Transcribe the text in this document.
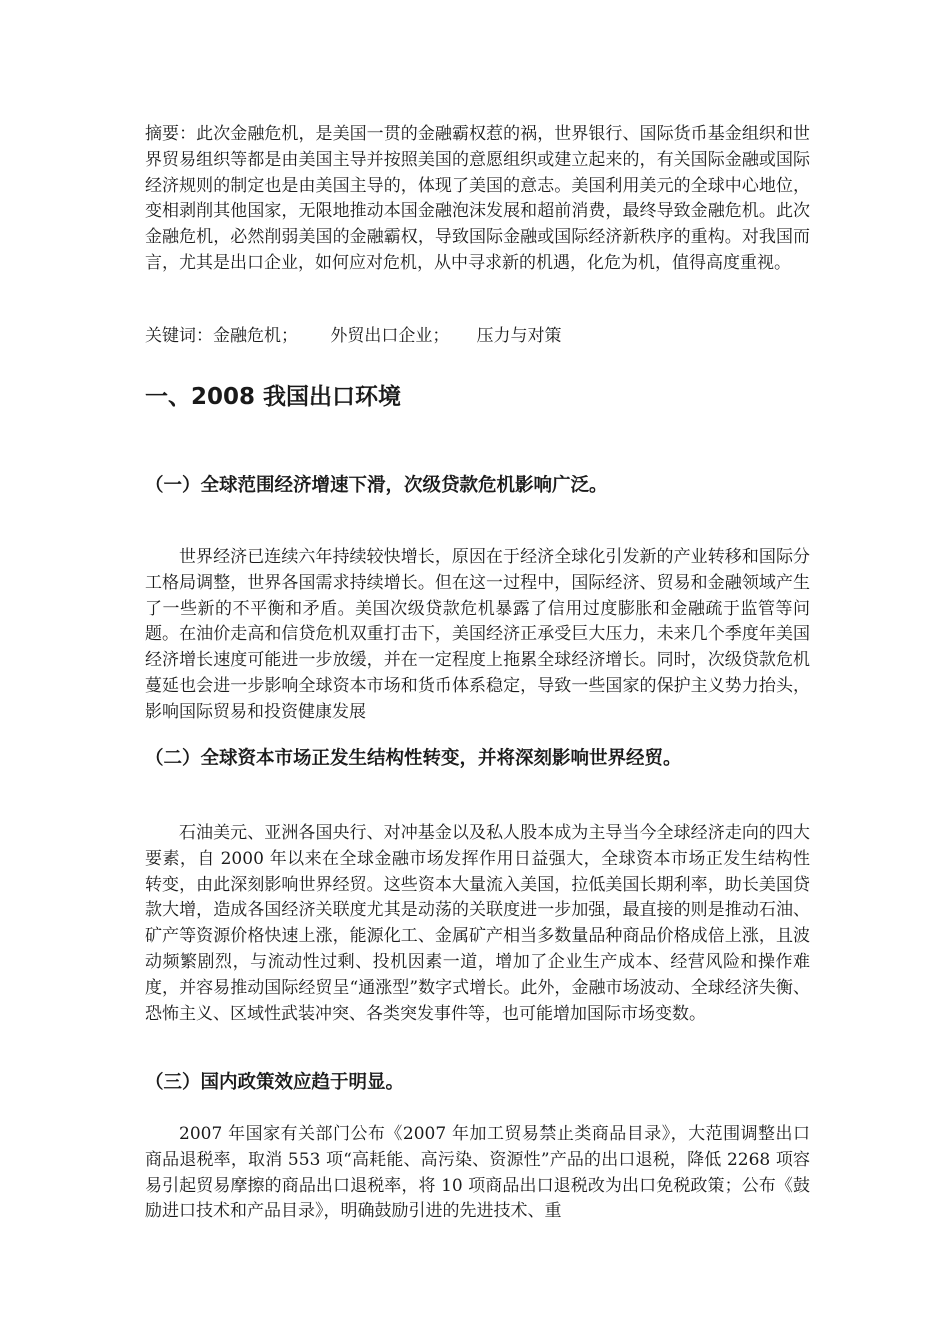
摘要：此次金融危机，是美国一贯的金融霸权惹的祸，世界银行、国际货币基金组织和世界贸易组织等都是由美国主导并按照美国的意愿组织或建立起来的，有关国际金融或国际经济规则的制定也是由美国主导的，体现了美国的意志。美国利用美元的全球中心地位，变相剥削其他国家，无限地推动本国金融泡沫发展和超前消费，最终导致金融危机。此次金融危机，必然削弱美国的金融霸权，导致国际金融或国际经济新秩序的重构。对我国而言，尤其是出口企业，如何应对危机，从中寻求新的机遇，化危为机，值得高度重视。

关键词：金融危机；      外贸出口企业；     压力与对策
一、2008 我国出口环境
（一）全球范围经济增速下滑，次级贷款危机影响广泛。

世界经济已连续六年持续较快增长，原因在于经济全球化引发新的产业转移和国际分工格局调整，世界各国需求持续增长。但在这一过程中，国际经济、贸易和金融领域产生了一些新的不平衡和矛盾。美国次级贷款危机暴露了信用过度膨胀和金融疏于监管等问题。在油价走高和信贷危机双重打击下，美国经济正承受巨大压力，未来几个季度年美国经济增长速度可能进一步放缓，并在一定程度上拖累全球经济增长。同时，次级贷款危机蔓延也会进一步影响全球资本市场和货币体系稳定，导致一些国家的保护主义势力抬头，影响国际贸易和投资健康发展

（二）全球资本市场正发生结构性转变，并将深刻影响世界经贸。

石油美元、亚洲各国央行、对冲基金以及私人股本成为主导当今全球经济走向的四大要素，自 2000 年以来在全球金融市场发挥作用日益强大，全球资本市场正发生结构性转变，由此深刻影响世界经贸。这些资本大量流入美国，拉低美国长期利率，助长美国贷款大增，造成各国经济关联度尤其是动荡的关联度进一步加强，最直接的则是推动石油、矿产等资源价格快速上涨，能源化工、金属矿产相当多数量品种商品价格成倍上涨，且波动频繁剧烈，与流动性过剩、投机因素一道，增加了企业生产成本、经营风险和操作难度，并容易推动国际经贸呈“通涨型”数字式增长。此外，金融市场波动、全球经济失衡、恐怖主义、区域性武装冲突、各类突发事件等，也可能增加国际市场变数。

（三）国内政策效应趋于明显。

2007 年国家有关部门公布《2007 年加工贸易禁止类商品目录》，大范围调整出口商品退税率，取消 553 项“高耗能、高污染、资源性”产品的出口退税，降低 2268 项容易引起贸易摩擦的商品出口退税率，将 10 项商品出口退税改为出口免税政策；公布《鼓励进口技术和产品目录》，明确鼓励引进的先进技术、重
